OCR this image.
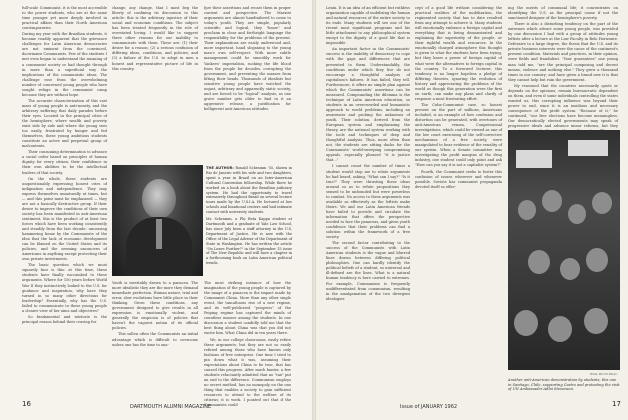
full-scale Communist, it is the most accessible to the power students, who are at the same time younger yet more deeply involved in practical affairs than their North American contemporaries.

During my year with the Brazilian students, it became readily apparent that the grievance challenges for Latin American democracies are not eminent from the convinced, doctrinaire Communists. Few of the students I met even began to understand the meaning of a communist society or had thought through in more than a superficial way the implications of the communistic ideas. The challenge rose from the overwhelming number of concerned young people who have sought refuge in the communist camp because they are without hope.

The accurate characterization of this vast mass of young people is anti-nonety, and the arbitrary suffering that daily parades before their eyes. Located in the principal cities of the hemisphere, where wealth and poverty exist side by side and where the young sees too easily, frustrated by hunger and fed themselves, these young ambitious students constitute an active and perpetual group of malcontents.

Their consuming determination to advance a social order based on principles of human dignity for every citizen, their confidence in their own abilities to be the intellectual leaders of that society.

On the whole, these students are unquestionably expressing honest cries of indignation and independence. They may express themselves unnaturally at times, but — and this point must be emphasized — they are not a basically destructive group. If their desire to improve the conditions of their own society has been manifested in anti-American sentiment, this is the product of at least two forces which have been working consistently and steadily from the last decade: unceasing hammering home by the Communists of the idea that the lack of economic development can be blamed on the United States and its policies, and the seeming unconcern of Americans in anything except protecting their own private investments.

The basic question which we must squarely face is this: at this time, these students have finally succumbed to these arguments. Where for 150 years before World War II they instinctively looked to the U.S. for guidance and inspiration, why have they turned in so many other directions for leadership? Essentially, why has the U.S. failed to communicate to these young people a clearer view of her aims and objectives?

So fundamental and intricate is the principal reason behind their craving for

change, any change, that I most beg the liberty of confining its discussion to this article: this is the arbitrary injustice of their social and economic conditions. The subject has been treated frequently in the role of overstated loving. I would like to suggest three other reasons for our inability to communicate with them. These are: (1) their desire for a reason; (2) a serious confusion of differing ideas, conditions, and policies; and (3) a failure of the U.S. to adopt in men a honest and representative picture of life in this country.

lyze their assertions and recast them in proper context and perspective. The Marxist arguments are almost handtailored to come to today's youth. They are simple, popularly scientific and logical, they "know" and proclaim in clear and forthright language the responsibility for the problems of the present. Their explanations are easily understood and, more important, hand sloganing to the young man's own self-respect. With more subtle management could he smoothly work for Yankees' imperialism, sucking the life blood from the people for decades, corrupting the government, and preventing the masses from lifting their heads. Thousands of idealists but sensitive young people have watched the unjust, arbitrary and apparently static society, and are forced to be "logical" analysis; as one grave number gets older to find in it an aggressive release, a justification for belligerent anti-American attitudes.

THE AUTHOR: Ronald Schramm '55, shown in Rio de Janeiro with his wife and two daughters, spent a year in Brazil on an Inter-American Cultural Convention fellowship. While there he worked on a book about the Brazilian judiciary system. He had the opportunity to travel extensively throughout Brazil on several lecture tours made by the U.S.I.A. He lectured at law schools and binational centers and had intimate contact with university students.
Mr. Schramm, a Phi Beta Kappa student at Dartmouth and a graduate of Yale Law School, has since July been a staff attorney in the U.S. Department of Justice. He is now with the Office of the Legal Adviser of the Department of State in Washington. He has written the article "On Leave Further?" in the September 15 issue of The New Republic and will have a chapter in a forthcoming book on Latin American political trends.

Youth is inevitably drawn to a panacea. The more idealistic they are the more they demand immediate perfection. Human nature, trial and error, slow evolutions have little place in their thinking. Given these conditions, any government designed to give results in all expression is emotionally violent, and generally the suspicion is of policies that haven't the vaguest notion of its official policies.

This sullen often the Communists an initial advantage which is difficult to overcome unless one has the time to ana-

The most striking instance of how the imagination of the young people is captured by the image of a panacea is the impact made by Communist China. More than any other single event, the tumultuous rise of a new regime, and its well-publicized "progress" of the Peiping regime has captured the minds of countless masses among the students. In one discussion a student candidly told me that the best thing about China was that you did not excite him. What China did in ten years there.

We, in our college classrooms, easily refute these arguments; but they are not so easily refuted among those who have known only fashions of free enterprise. One time I tried to pin down what it was, assuming their expectations about China to be true, that has caused this progress. After much banter, a few students reluctantly admitted that no "tax" put an end to the difference. Communism employs no secret method, has no monopoly on the one thing that enables a society to gain sufficient resources to attend to the welfare of its citizens; it is work. I pointed out that if the Communists could

16	DARTMOUTH ALUMNI MAGAZINE

Lenin. It is an idea of an efficient but ruthless organization capable of mobilizing the human and natural resources of the entire society to its ends. Many students will see one of the recent most significant programs and his little attachment to any philosophical system except to the dignity of a good life that is impossible.

An important factor in the Communists' success is the inability of democracy to cope with the gaps and differences that are presented to them. Understandably, the conditions under which they live do not encourage a thoughtful analysis of capitalism's failures. It has failed, they tell. Furthermore, it offers no simple plan against which the Communists' assertions can be measured. Compounding the dilemma is the technique of Latin American education, so students in an overcrowded and humanistic approach to world problems, including an awareness and probing the unknowns of youth. Their solution, derived from the European system and emphasizing the theory, are the national system working with the tools and techniques of deep and thoughtful analysis. Thus, more often than not, the students are sitting ducks for the Communists' world-sweeping compromising appeals, especially phrased "it is justice that..."

I cannot count the number of times a student would stop me to relate arguments he had heard, asking, "What can I say?" "Is it true?" They were thrusting these ideas around so as to refute propositions they sensed to be unfounded but were powerless to combat. No access to these arguments was available as effectively as the leftists make theirs. We and our Latin American friends have failed to provide and circulate the information that offers the perspective needed to face the panaceas, and given youth confidence that their problems can find a solution within the framework of a free society.

The second factor contributing to the success of the Communists with Latin American students is the vague and blurred lines drawn between differing political philosophies. One can hardly identify the political beliefs of a student, so universal and ill-defined are the lines. What is a natural human tendency is here carried to extremes. For example, Communism is frequently undifferentiated from communism, resulting in the amalgamation of the two divergent ideologies

cept of a good life without considering the practical realities of the mobilization, the regimented society that has to date resulted from any attempt to achieve it. Many students will emotionally embrace a foreign capital and everything that is being demonstrated and explaining the superiority of the people, or their rightful wealth and resources. In the emotionally charged atmosphere this thought is given to what the students have been trying, but they know a power of foreign capital of what were the alternatives to foreign capital in the country. To a furrowed lecturer, this tendency is no longer hopeless a pledge of differing theories, ignoring the evolution of history and appreciating the problems of the world as though this generation were the first on earth, can make any plans and clarify of response a most frustrating effort.

The Cuba-Communist case, so honest present on the part of millions, Americans included, is an example of how confusion and distortion can be generated, with overtones of anti-American venom. Congressional investigations, which could be viewed as one of the low court exercising of the self-corrective mechanisms of a free society, were manipulated to hear evidence of the venality of our system. When a Senate committee was investigating the profit margins of the drug industry, one student could only point and ask "How can you say it is not a capitalist system?"

Fourth, the Communist seeks to foster this confusion of issues wherever and whenever possible. Soviets has communist propaganda devoted itself so effec-

ing the merits of communal life; it concentrates on identifying the U.S. as the principal cause if not the sanctioned designer of the hemisphere's poverty.

There is also a disturbing tendency on the part of the extremes which attract some young people, was provided by one discussion I had with a group of attitudes young leftists after a lecture at the Law Faculty in Belo Horizonte. Defensive to a large degree, the thesis that the U.S. and its private business interests were the cause of the continent's present condition. Materials and practices, in their opinion, were fields and fraudulent. "Your guarantees" one young man told me, "are the principal composing and decent means, violence and nothing else." They grew a thousand times in our country; and have given a brand new it is that they cannot help but ruin the government.

My reasoned that the countries necessarily quote or depends on the opinions; remain bureaucratic dependent on them, and even if some individuals controlling the states wanted us, this corrupting influence was beyond their power to end, since it is an insidious and necessary consequence of the profit system. "Because of it," he continued, "our free elections have become meaningless. Our democratically elected governments may speak of progressive ideals and advance minor reforms, but they

Wide World Photo
Another anti-American demonstration by students, this one in Santiago, Chile, supporting Castro and protesting the visit of UN Ambassador Adlai Stevenson.
Issue of JANUARY 1962	17
